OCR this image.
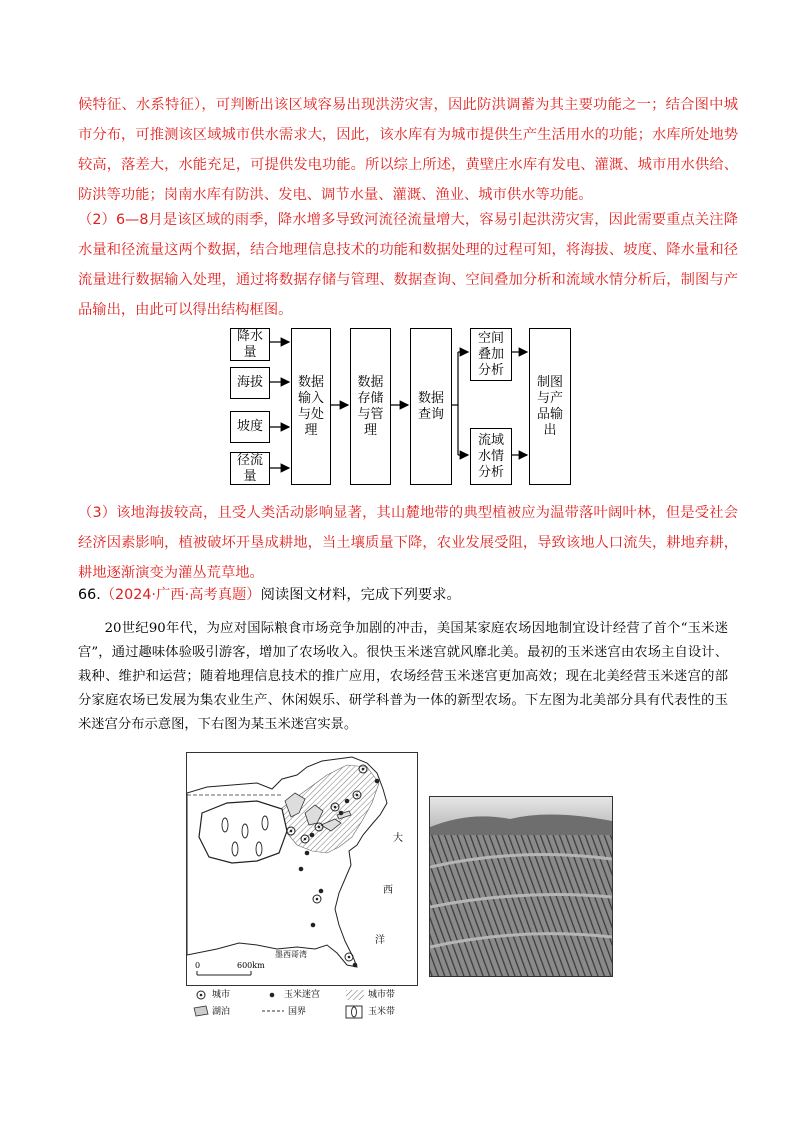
候特征、水系特征），可判断出该区域容易出现洪涝灾害，因此防洪调蓄为其主要功能之一；结合图中城市分布，可推测该区域城市供水需求大，因此，该水库有为城市提供生产生活用水的功能；水库所处地势较高，落差大，水能充足，可提供发电功能。所以综上所述，黄壁庄水库有发电、灌溉、城市用水供给、防洪等功能；岗南水库有防洪、发电、调节水量、灌溉、渔业、城市供水等功能。

（2）6—8月是该区域的雨季，降水增多导致河流径流量增大，容易引起洪涝灾害，因此需要重点关注降水量和径流量这两个数据，结合地理信息技术的功能和数据处理的过程可知，将海拔、坡度、降水量和径流量进行数据输入处理，通过将数据存储与管理、数据查询、空间叠加分析和流域水情分析后，制图与产品输出，由此可以得出结构框图。

降水量
海拔
坡度
径流量
数据输入与处理
数据存储与管理
数据查询
空间叠加分析
流域水情分析
制图与产品输出

（3）该地海拔较高，且受人类活动影响显著，其山麓地带的典型植被应为温带落叶阔叶林，但是受社会经济因素影响，植被破坏开垦成耕地，当土壤质量下降，农业发展受阻，导致该地人口流失，耕地弃耕，耕地逐渐演变为灌丛荒草地。

66.（2024·广西·高考真题）阅读图文材料，完成下列要求。

20世纪90年代，为应对国际粮食市场竞争加剧的冲击，美国某家庭农场因地制宜设计经营了首个“玉米迷宫”，通过趣味体验吸引游客，增加了农场收入。很快玉米迷宫就风靡北美。最初的玉米迷宫由农场主自设计、栽种、维护和运营；随着地理信息技术的推广应用，农场经营玉米迷宫更加高效；现在北美经营玉米迷宫的部分家庭农场已发展为集农业生产、休闲娱乐、研学科普为一体的新型农场。下左图为北美部分具有代表性的玉米迷宫分布示意图，下右图为某玉米迷宫实景。

大
西
洋
墨西哥湾
0	600km
城市	玉米迷宫	城市带
湖泊	国界	玉米带
